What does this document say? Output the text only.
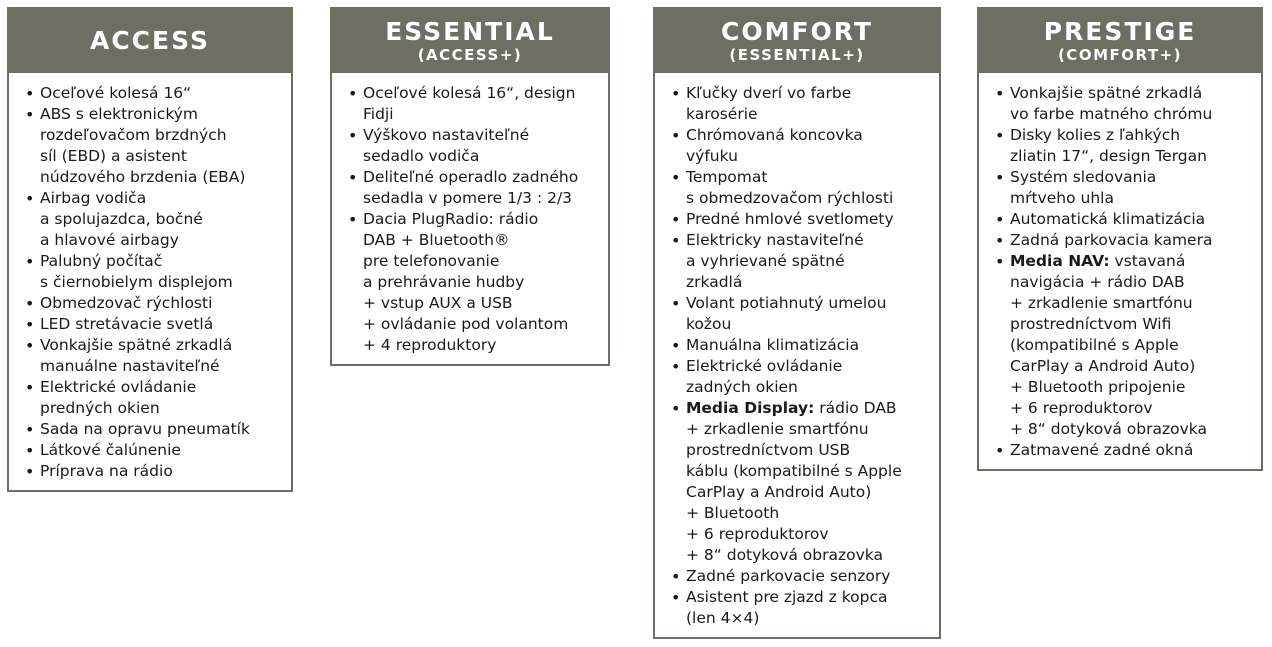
ACCESS
• Oceľové kolesá 16“
• ABS s elektronickým
rozdeľovačom brzdných
síl (EBD) a asistent
núdzového brzdenia (EBA)
• Airbag vodiča
a spolujazdca, bočné
a hlavové airbagy
• Palubný počítač
s čiernobielym displejom
• Obmedzovač rýchlosti
• LED stretávacie svetlá
• Vonkajšie spätné zrkadlá
manuálne nastaviteľné
• Elektrické ovládanie
predných okien
• Sada na opravu pneumatík
• Látkové čalúnenie
• Príprava na rádio
ESSENTIAL
(ACCESS+)
• Oceľové kolesá 16“, design
Fidji
• Výškovo nastaviteľné
sedadlo vodiča
• Deliteľné operadlo zadného
sedadla v pomere 1/3 : 2/3
• Dacia PlugRadio: rádio
DAB + Bluetooth®
pre telefonovanie
a prehrávanie hudby
+ vstup AUX a USB
+ ovládanie pod volantom
+ 4 reproduktory
COMFORT
(ESSENTIAL+)
• Kľučky dverí vo farbe
karosérie
• Chrómovaná koncovka
výfuku
• Tempomat
s obmedzovačom rýchlosti
• Predné hmlové svetlomety
• Elektricky nastaviteľné
a vyhrievané spätné
zrkadlá
• Volant potiahnutý umelou
kožou
• Manuálna klimatizácia
• Elektrické ovládanie
zadných okien
• Media Display: rádio DAB
+ zrkadlenie smartfónu
prostredníctvom USB
káblu (kompatibilné s Apple
CarPlay a Android Auto)
+ Bluetooth
+ 6 reproduktorov
+ 8“ dotyková obrazovka
• Zadné parkovacie senzory
• Asistent pre zjazd z kopca
(len 4×4)
PRESTIGE
(COMFORT+)
• Vonkajšie spätné zrkadlá
vo farbe matného chrómu
• Disky kolies z ľahkých
zliatin 17“, design Tergan
• Systém sledovania
mŕtveho uhla
• Automatická klimatizácia
• Zadná parkovacia kamera
• Media NAV: vstavaná
navigácia + rádio DAB
+ zrkadlenie smartfónu
prostredníctvom Wifi
(kompatibilné s Apple
CarPlay a Android Auto)
+ Bluetooth pripojenie
+ 6 reproduktorov
+ 8“ dotyková obrazovka
• Zatmavené zadné okná
